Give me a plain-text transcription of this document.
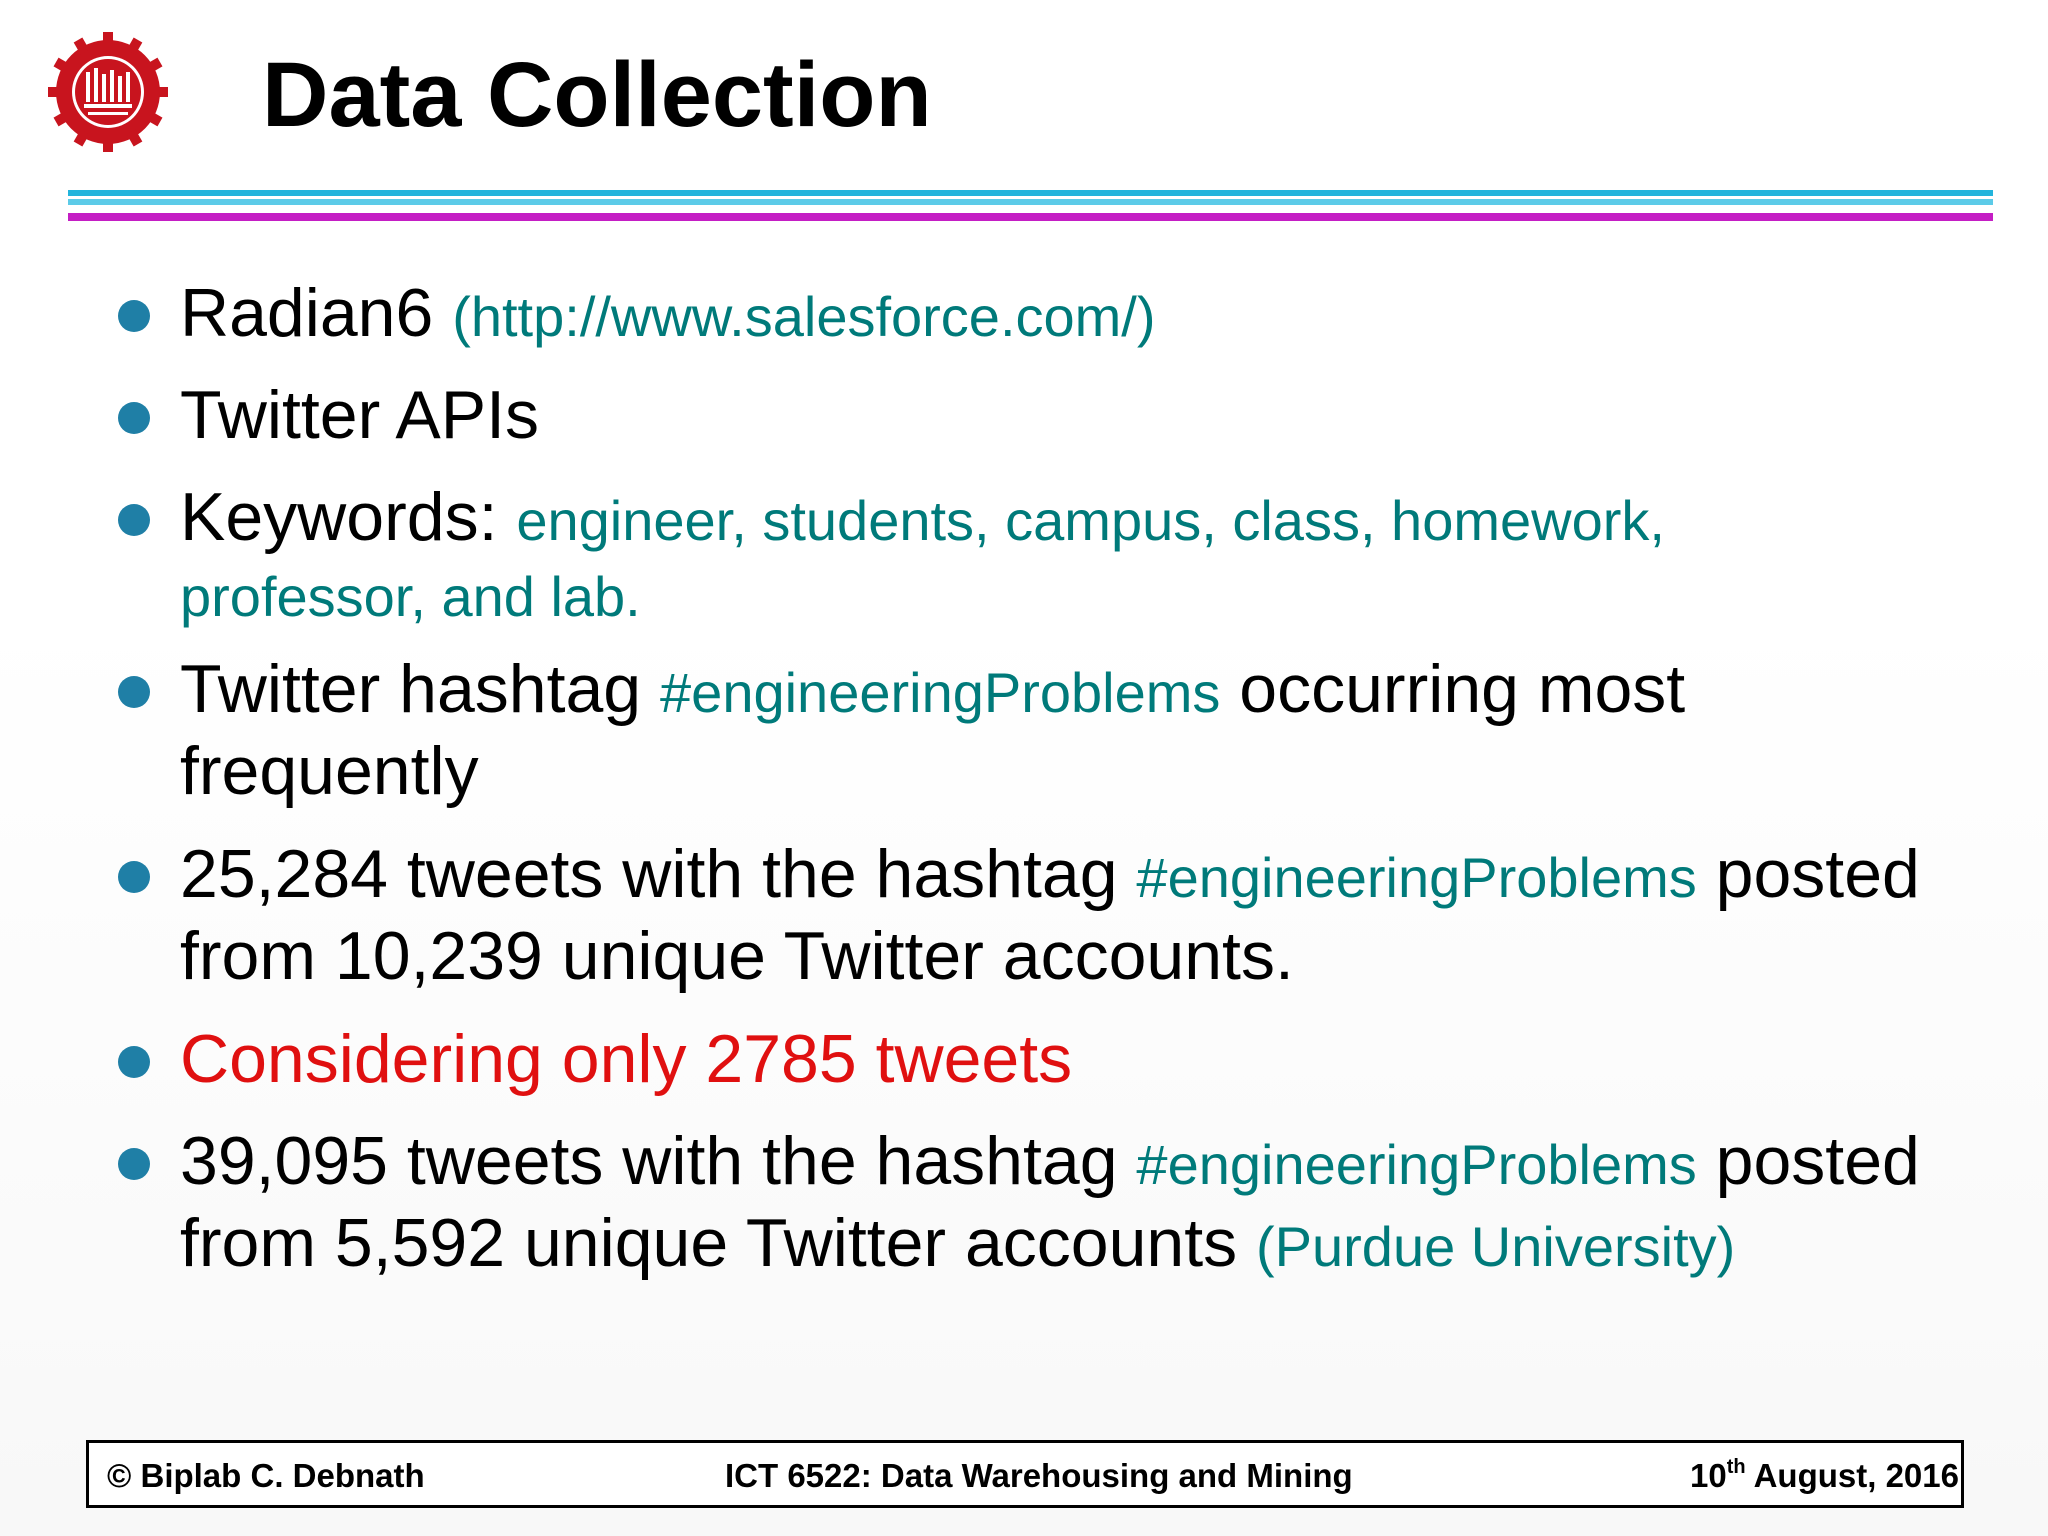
Data Collection
Radian6 (http://www.salesforce.com/)
Twitter APIs
Keywords: engineer, students, campus, class, homework,
professor, and lab.
Twitter hashtag #engineeringProblems occurring most
frequently
25,284 tweets with the hashtag #engineeringProblems posted
from 10,239 unique Twitter accounts.
Considering only 2785 tweets
39,095 tweets with the hashtag #engineeringProblems posted
from 5,592 unique Twitter accounts (Purdue University)
© Biplab C. Debnath	ICT 6522: Data Warehousing and Mining	10th August, 2016
